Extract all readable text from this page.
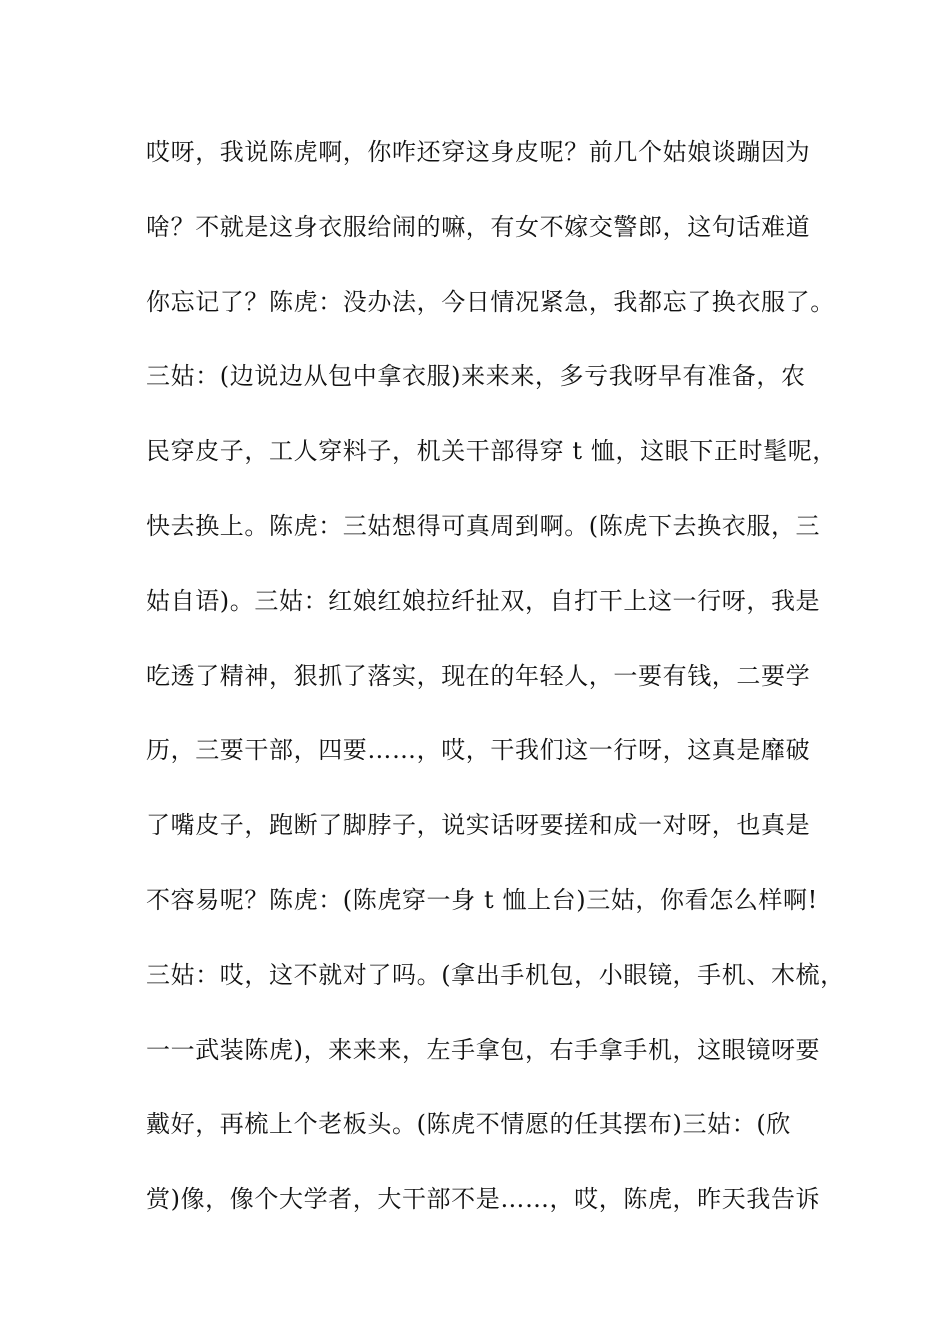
哎呀，我说陈虎啊，你咋还穿这身皮呢？前几个姑娘谈蹦因为
啥？不就是这身衣服给闹的嘛，有女不嫁交警郎，这句话难道
你忘记了？陈虎：没办法，今日情况紧急，我都忘了换衣服了。
三姑：(边说边从包中拿衣服)来来来，多亏我呀早有准备，农
民穿皮子，工人穿料子，机关干部得穿 t 恤，这眼下正时髦呢，
快去换上。陈虎：三姑想得可真周到啊。(陈虎下去换衣服，三
姑自语)。三姑：红娘红娘拉纤扯双，自打干上这一行呀，我是
吃透了精神，狠抓了落实，现在的年轻人，一要有钱，二要学
历，三要干部，四要……，哎，干我们这一行呀，这真是靡破
了嘴皮子，跑断了脚脖子，说实话呀要搓和成一对呀，也真是
不容易呢？陈虎：(陈虎穿一身 t 恤上台)三姑，你看怎么样啊!
三姑：哎，这不就对了吗。(拿出手机包，小眼镜，手机、木梳，
一一武装陈虎)，来来来，左手拿包，右手拿手机，这眼镜呀要
戴好，再梳上个老板头。(陈虎不情愿的任其摆布)三姑：(欣
赏)像，像个大学者，大干部不是……，哎，陈虎，昨天我告诉
